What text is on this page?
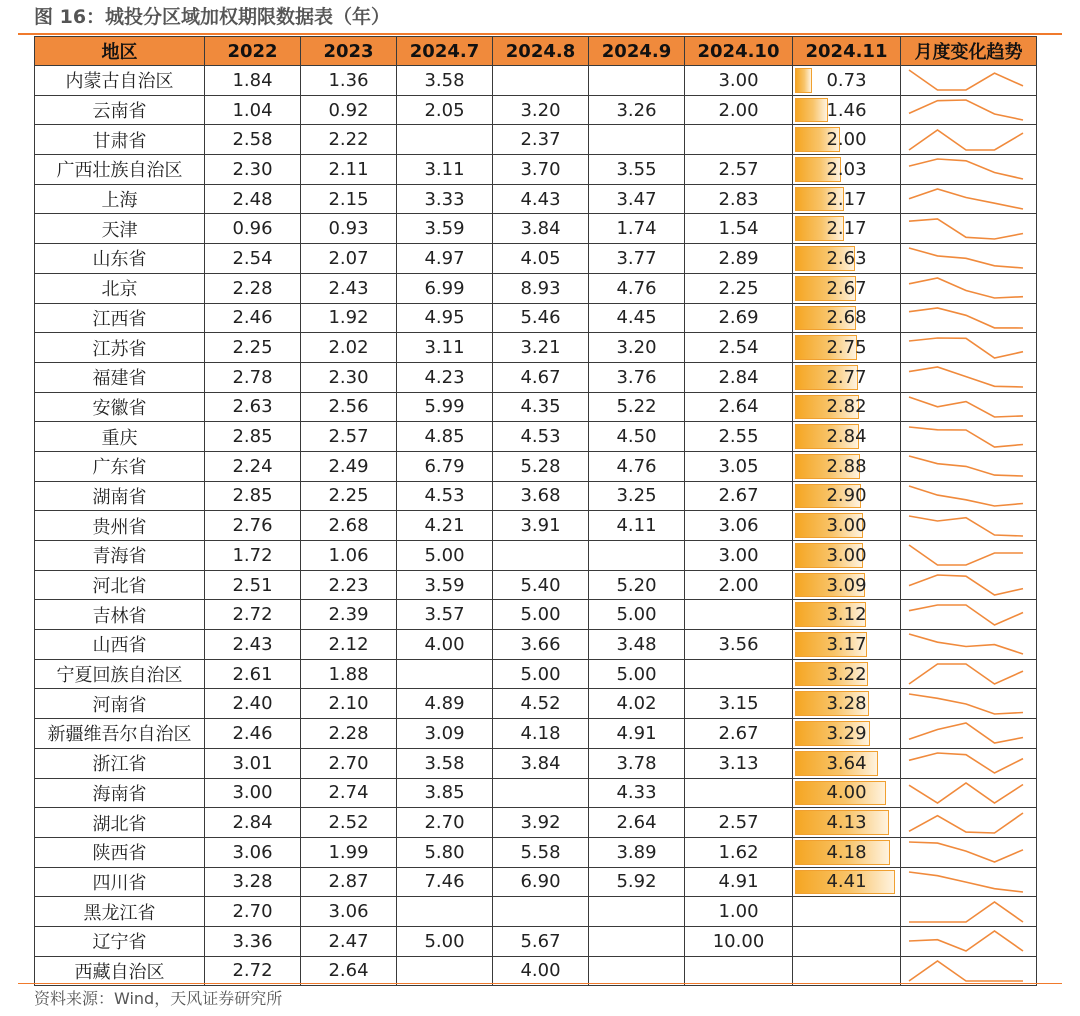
图 16：城投分区域加权期限数据表（年）
地区	2022	2023	2024.7	2024.8	2024.9	2024.10	2024.11	月度变化趋势
内蒙古自治区	1.84	1.36	3.58			3.00	0.73	

云南省	1.04	0.92	2.05	3.20	3.26	2.00	1.46	

甘肃省	2.58	2.22		2.37			2.00	

广西壮族自治区	2.30	2.11	3.11	3.70	3.55	2.57	2.03	

上海	2.48	2.15	3.33	4.43	3.47	2.83	2.17	

天津	0.96	0.93	3.59	3.84	1.74	1.54	2.17	

山东省	2.54	2.07	4.97	4.05	3.77	2.89	2.63	

北京	2.28	2.43	6.99	8.93	4.76	2.25	2.67	

江西省	2.46	1.92	4.95	5.46	4.45	2.69	2.68	

江苏省	2.25	2.02	3.11	3.21	3.20	2.54	2.75	

福建省	2.78	2.30	4.23	4.67	3.76	2.84	2.77	

安徽省	2.63	2.56	5.99	4.35	5.22	2.64	2.82	

重庆	2.85	2.57	4.85	4.53	4.50	2.55	2.84	

广东省	2.24	2.49	6.79	5.28	4.76	3.05	2.88	

湖南省	2.85	2.25	4.53	3.68	3.25	2.67	2.90	

贵州省	2.76	2.68	4.21	3.91	4.11	3.06	3.00	

青海省	1.72	1.06	5.00			3.00	3.00	

河北省	2.51	2.23	3.59	5.40	5.20	2.00	3.09	

吉林省	2.72	2.39	3.57	5.00	5.00		3.12	

山西省	2.43	2.12	4.00	3.66	3.48	3.56	3.17	

宁夏回族自治区	2.61	1.88		5.00	5.00		3.22	

河南省	2.40	2.10	4.89	4.52	4.02	3.15	3.28	

新疆维吾尔自治区	2.46	2.28	3.09	4.18	4.91	2.67	3.29	

浙江省	3.01	2.70	3.58	3.84	3.78	3.13	3.64	

海南省	3.00	2.74	3.85		4.33		4.00	

湖北省	2.84	2.52	2.70	3.92	2.64	2.57	4.13	

陕西省	3.06	1.99	5.80	5.58	3.89	1.62	4.18	

四川省	3.28	2.87	7.46	6.90	5.92	4.91	4.41	

黑龙江省	2.70	3.06				1.00		

辽宁省	3.36	2.47	5.00	5.67		10.00		

西藏自治区	2.72	2.64		4.00				
资料来源：Wind，天风证券研究所
